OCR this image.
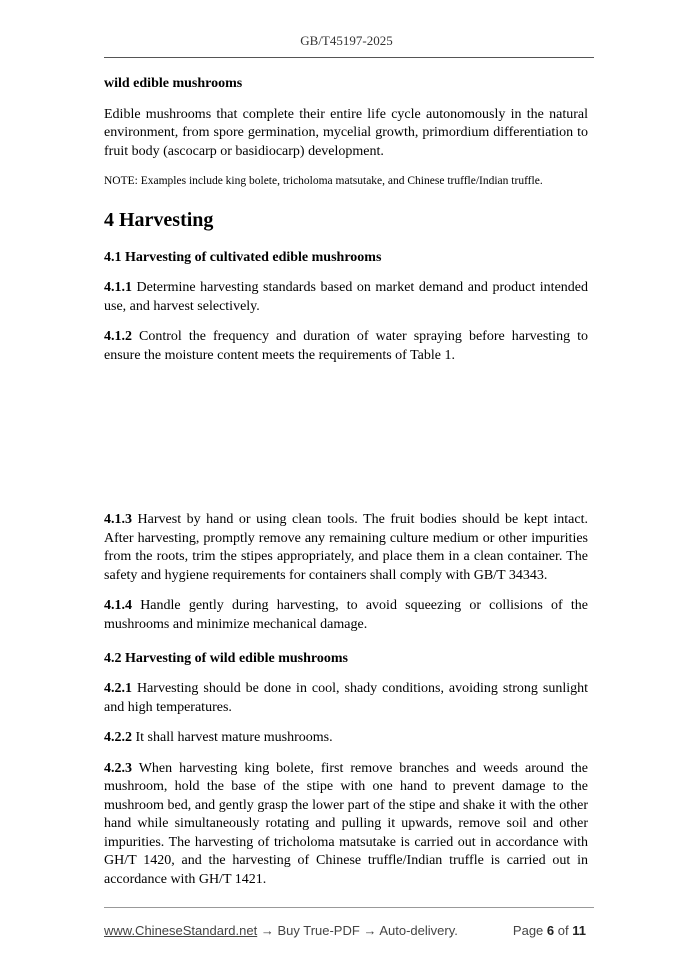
GB/T45197-2025

wild edible mushrooms

Edible mushrooms that complete their entire life cycle autonomously in the natural environment, from spore germination, mycelial growth, primordium differentiation to fruit body (ascocarp or basidiocarp) development.

NOTE: Examples include king bolete, tricholoma matsutake, and Chinese truffle/Indian truffle.

4 Harvesting
4.1 Harvesting of cultivated edible mushrooms

4.1.1 Determine harvesting standards based on market demand and product intended use, and harvest selectively.

4.1.2 Control the frequency and duration of water spraying before harvesting to ensure the moisture content meets the requirements of Table 1.

4.1.3 Harvest by hand or using clean tools. The fruit bodies should be kept intact. After harvesting, promptly remove any remaining culture medium or other impurities from the roots, trim the stipes appropriately, and place them in a clean container. The safety and hygiene requirements for containers shall comply with GB/T 34343.

4.1.4 Handle gently during harvesting, to avoid squeezing or collisions of the mushrooms and minimize mechanical damage.

4.2 Harvesting of wild edible mushrooms

4.2.1 Harvesting should be done in cool, shady conditions, avoiding strong sunlight and high temperatures.

4.2.2 It shall harvest mature mushrooms.

4.2.3 When harvesting king bolete, first remove branches and weeds around the mushroom, hold the base of the stipe with one hand to prevent damage to the mushroom bed, and gently grasp the lower part of the stipe and shake it with the other hand while simultaneously rotating and pulling it upwards, remove soil and other impurities. The harvesting of tricholoma matsutake is carried out in accordance with GH/T 1420, and the harvesting of Chinese truffle/Indian truffle is carried out in accordance with GH/T 1421.

www.ChineseStandard.net → Buy True-PDF → Auto-delivery.	Page 6 of 11
